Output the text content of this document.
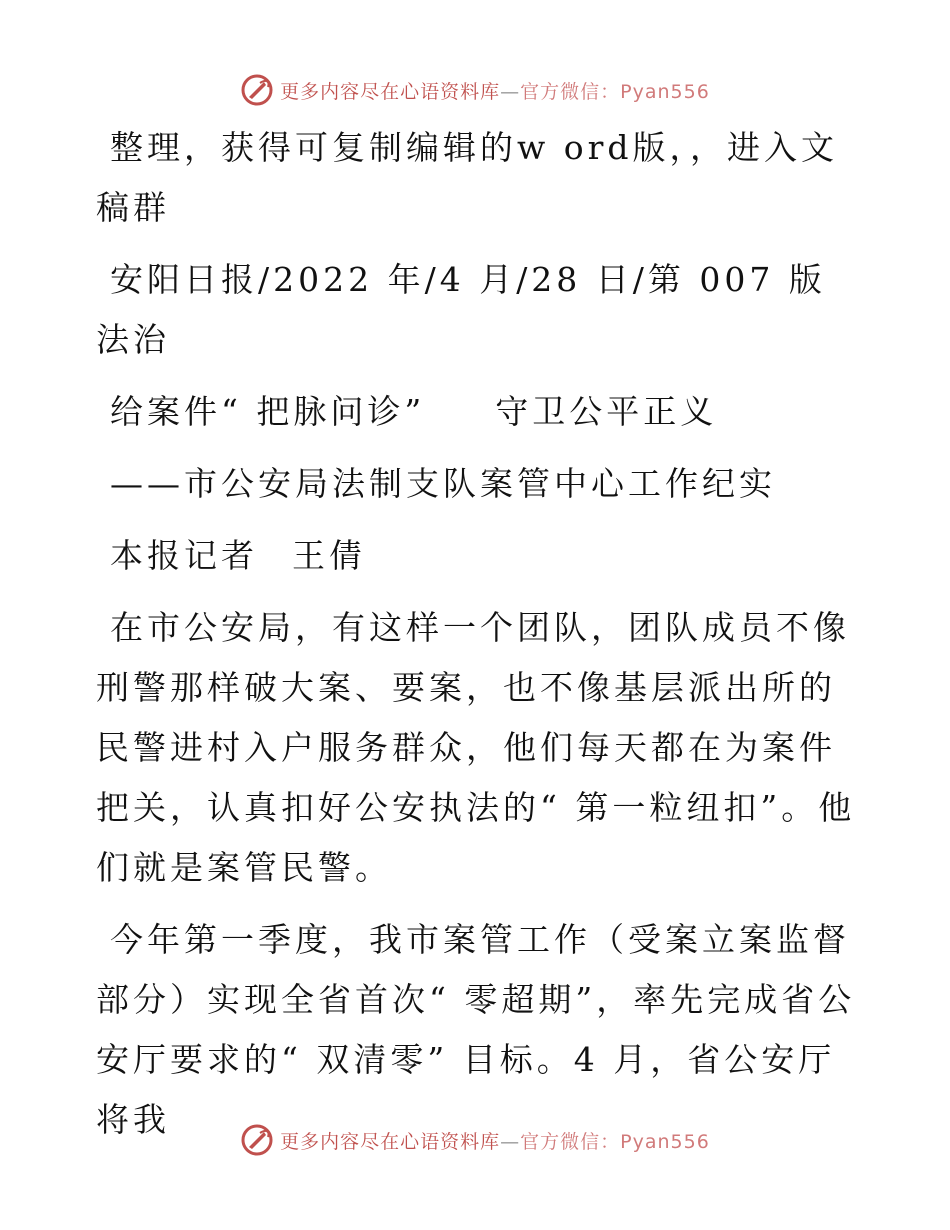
更多内容尽在心语资料库—官方微信：Pyan556

整理，获得可复制编辑的w ord版，，进入文稿群

安阳日报/2022 年/4 月/28 日/第 007 版法治

给案件“ 把脉问诊” 守卫公平正义

——市公安局法制支队案管中心工作纪实

本报记者 王倩

在市公安局，有这样一个团队，团队成员不像刑警那样破大案、要案，也不像基层派出所的民警进村入户服务群众，他们每天都在为案件把关，认真扣好公安执法的“ 第一粒纽扣”。他们就是案管民警。

今年第一季度，我市案管工作（受案立案监督部分）实现全省首次“ 零超期”，率先完成省公安厅要求的“ 双清零” 目标。4 月，省公安厅将我

更多内容尽在心语资料库—官方微信：Pyan556
